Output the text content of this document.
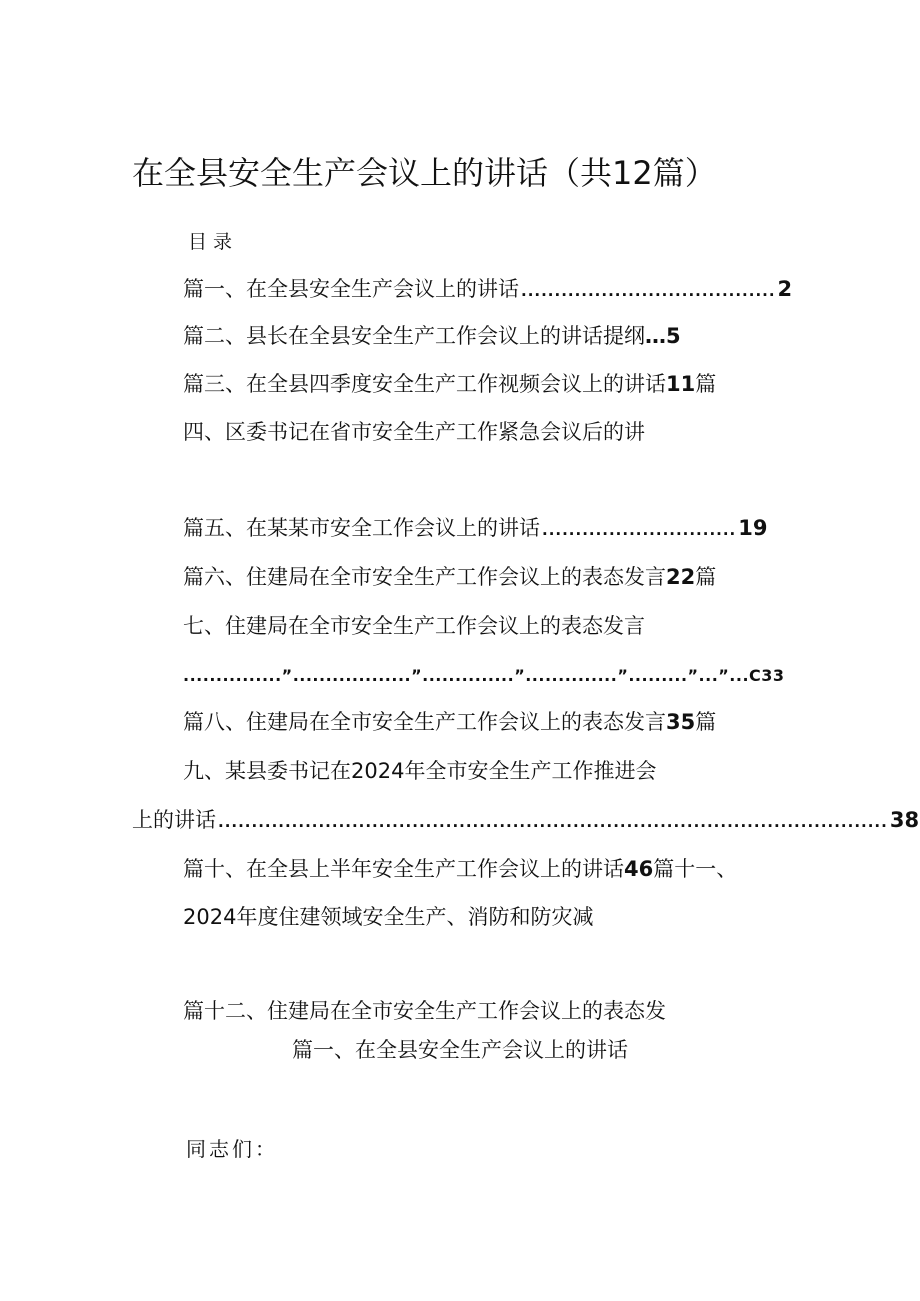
在全县安全生产会议上的讲话（共12篇）
目录
篇一、在全县安全生产会议上的讲话 ...................................... 2
篇二、县长在全县安全生产工作会议上的讲话提纲 … 5
篇三、在全县四季度安全生产工作视频会议上的讲话 11 篇
四、区委书记在省市安全生产工作紧急会议后的讲
篇五、在某某市安全工作会议上的讲话 ............................. 19
篇六、住建局在全市安全生产工作会议上的表态发言 22 篇
七、住建局在全市安全生产工作会议上的表态发言
...............”..................”..............”..............”.........”...”...C33
篇八、住建局在全市安全生产工作会议上的表态发言 35 篇
九、某县委书记在2024年全市安全生产工作推进会
上的讲话 .................................................................................................... 38
篇十、在全县上半年安全生产工作会议上的讲话 46 篇十一、
2024年度住建领域安全生产、消防和防灾减
篇十二、住建局在全市安全生产工作会议上的表态发
篇一、在全县安全生产会议上的讲话
同志们：
